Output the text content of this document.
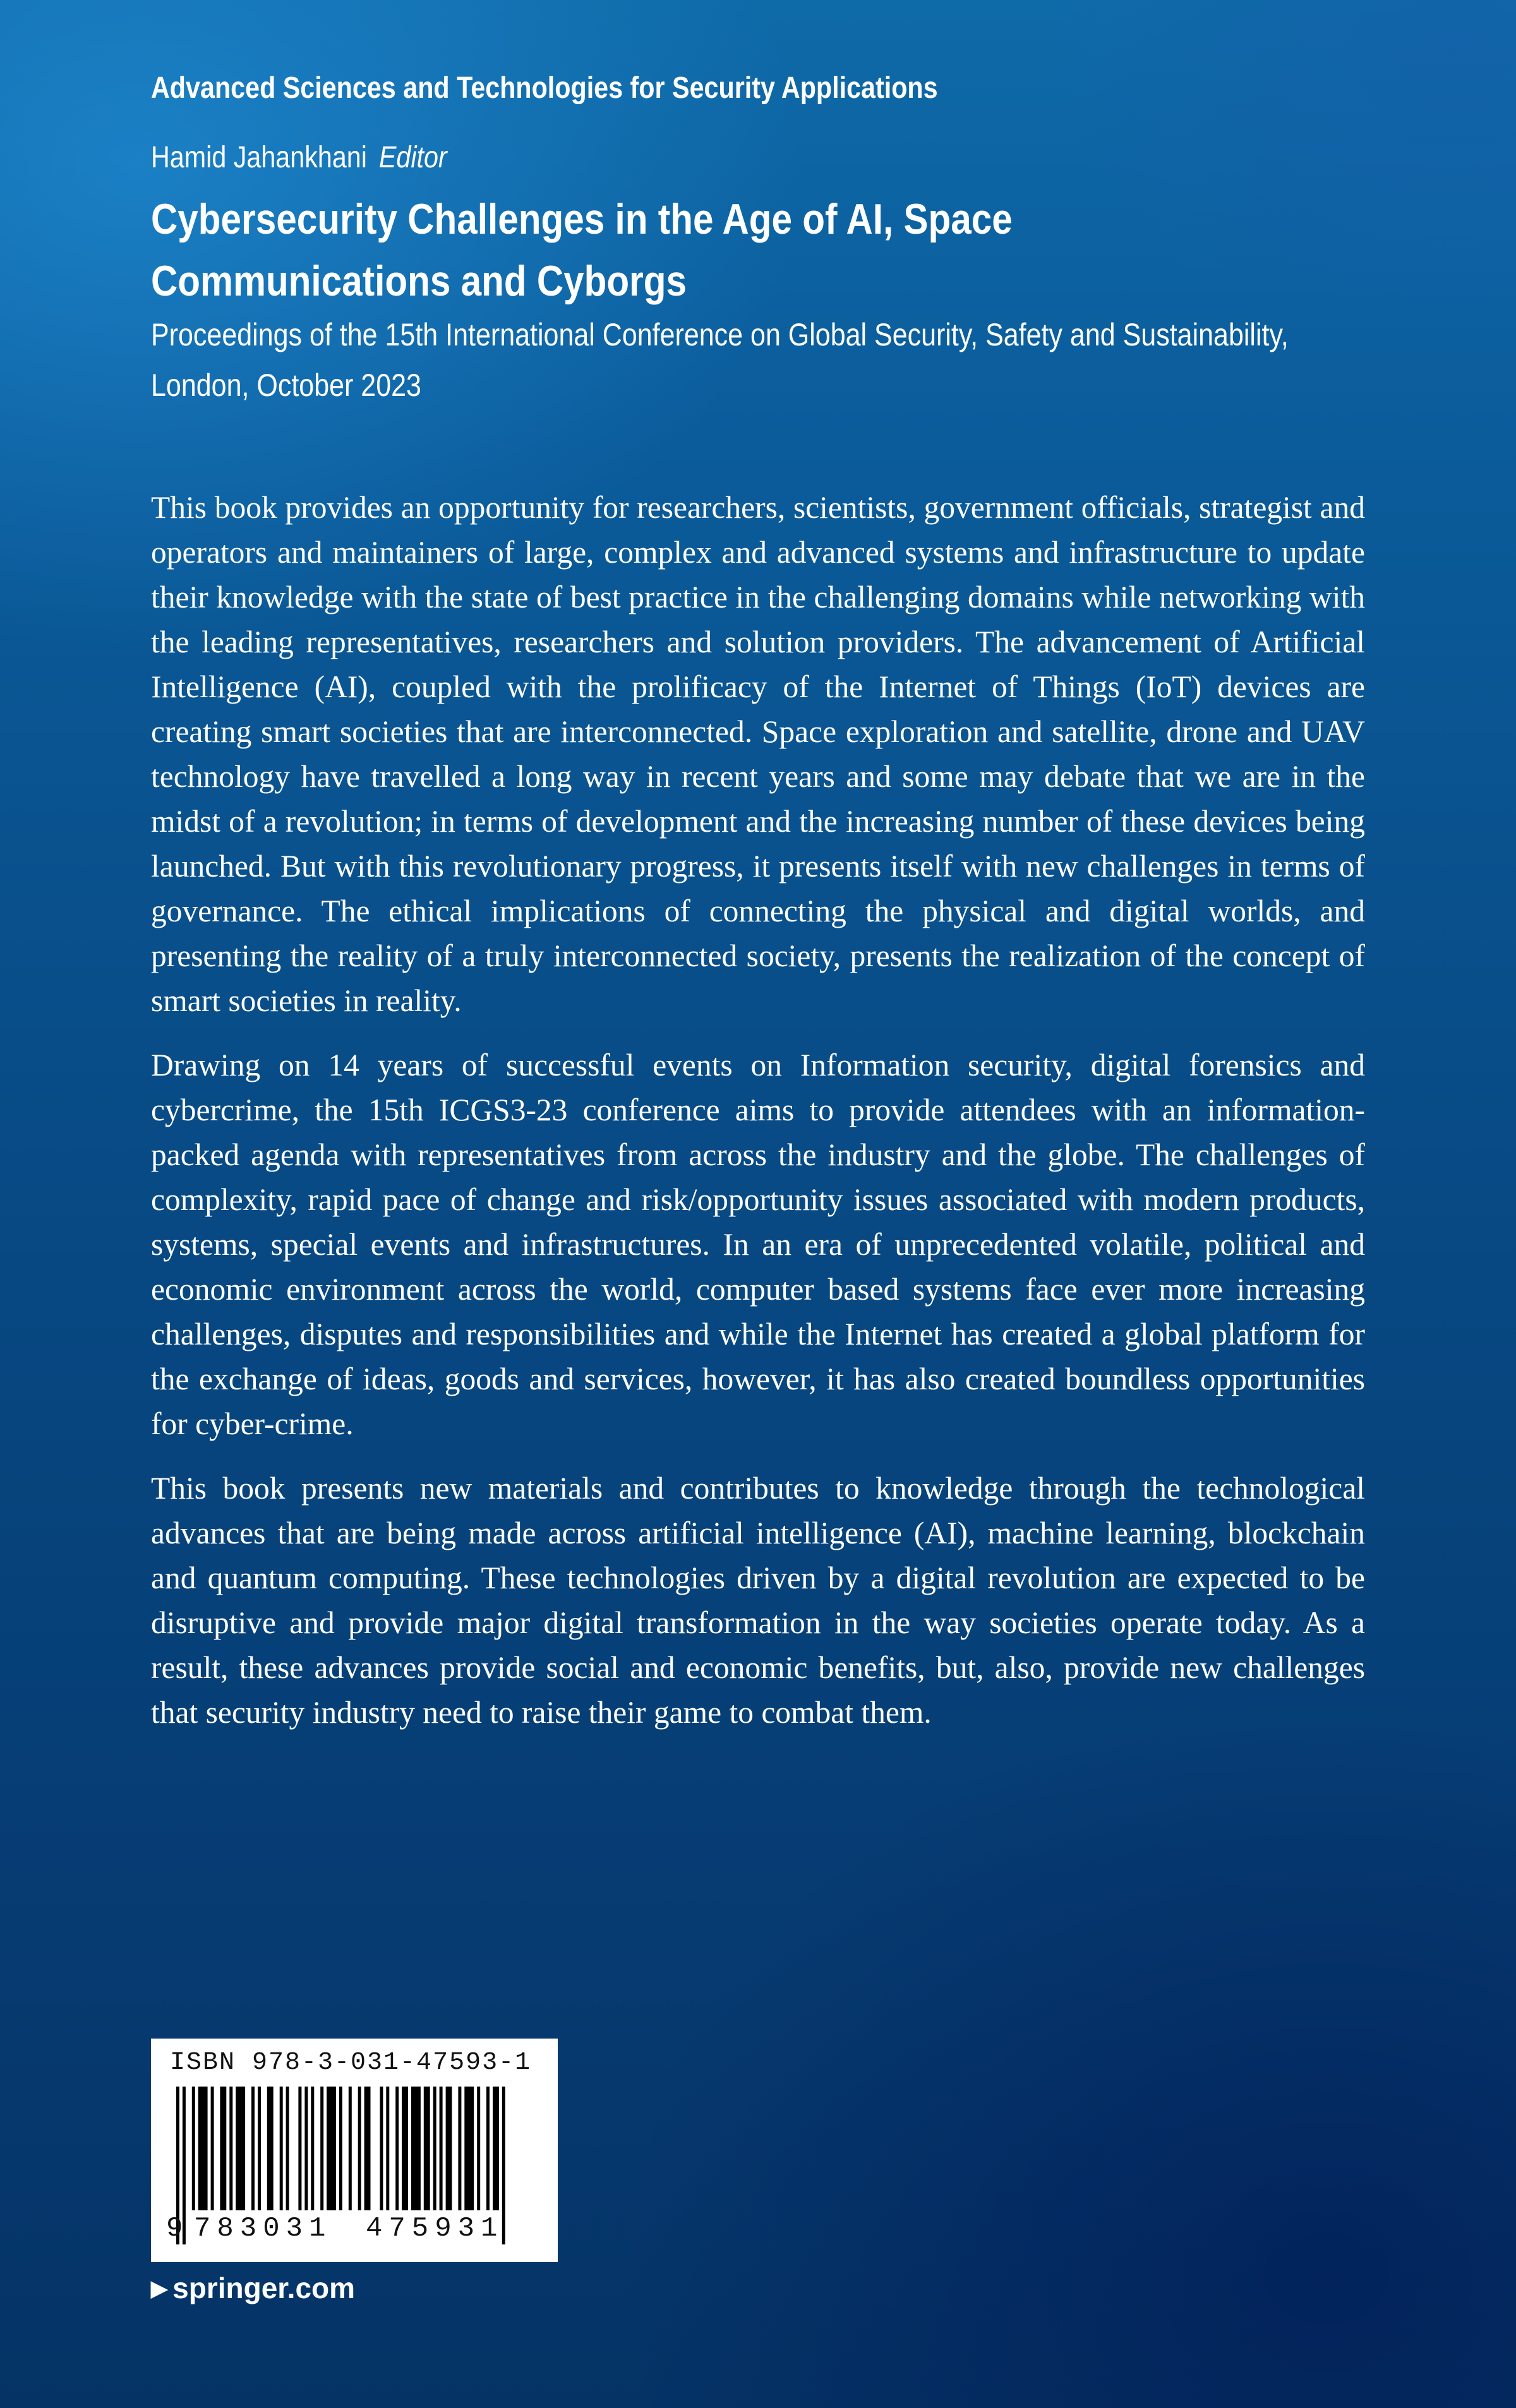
Advanced Sciences and Technologies for Security Applications
Hamid Jahankhani Editor
Cybersecurity Challenges in the Age of AI, Space Communications and Cyborgs
Proceedings of the 15th International Conference on Global Security, Safety and Sustainability, London, October 2023

This book provides an opportunity for researchers, scientists, government officials, strategist and operators and maintainers of large, complex and advanced systems and infrastructure to update their knowledge with the state of best practice in the challenging domains while networking with the leading representatives, researchers and solution providers. The advancement of Artificial Intelligence (AI), coupled with the prolificacy of the Internet of Things (IoT) devices are creating smart societies that are interconnected. Space exploration and satellite, drone and UAV technology have travelled a long way in recent years and some may debate that we are in the midst of a revolution; in terms of development and the increasing number of these devices being launched. But with this revolutionary progress, it presents itself with new challenges in terms of governance. The ethical implications of connecting the physical and digital worlds, and presenting the reality of a truly interconnected society, presents the realization of the concept of smart societies in reality.

Drawing on 14 years of successful events on Information security, digital forensics and cybercrime, the 15th ICGS3-23 conference aims to provide attendees with an information-packed agenda with representatives from across the industry and the globe. The challenges of complexity, rapid pace of change and risk/opportunity issues associated with modern products, systems, special events and infrastructures. In an era of unprecedented volatile, political and economic environment across the world, computer based systems face ever more increasing challenges, disputes and responsibilities and while the Internet has created a global platform for the exchange of ideas, goods and services, however, it has also created boundless opportunities for cyber-crime.

This book presents new materials and contributes to knowledge through the technological advances that are being made across artificial intelligence (AI), machine learning, blockchain and quantum computing. These technologies driven by a digital revolution are expected to be disruptive and provide major digital transformation in the way societies operate today. As a result, these advances provide social and economic benefits, but, also, provide new challenges that security industry need to raise their game to combat them.

ISBN 978-3-031-47593-1
9 783031 475931
▶ springer.com
